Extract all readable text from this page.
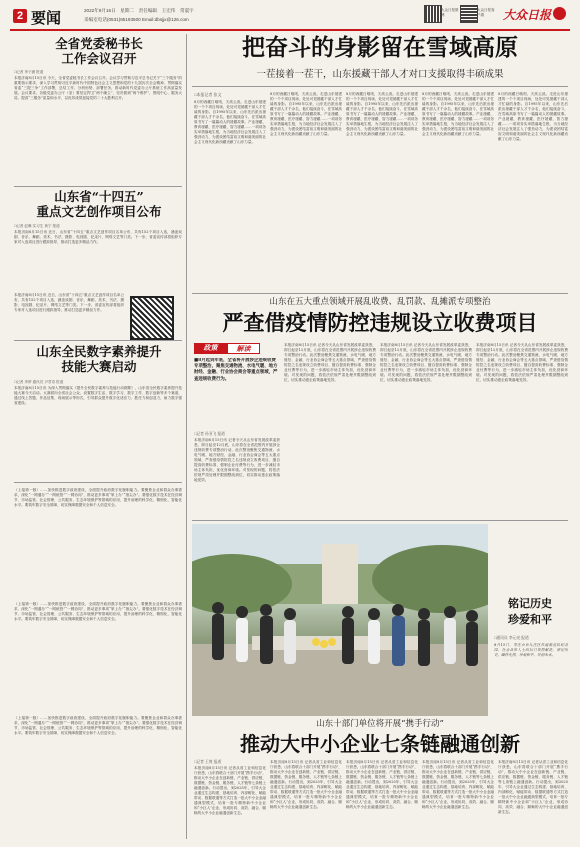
2 要闻	2022年8月16日　星期二　责任编辑　王宏伟　常震宇
采编室电话(0531)85193500 Email:dbsjjx@126.com
大众日报微博
大众日报客户端	大众日报
全省党委秘书长
工作会议召开
□记者 李子涵 报道
本报济南8月15日讯 今天，全省党委秘书长工作会议召开。会议学习贯彻习近平总书记关于“三个服务”的重要指示要求，深入学习贯彻习近平新时代中国特色社会主义思想和党的十九届历次全会精神，贯彻落实省委“三提三争”工作部署，总结工作、分析形势、部署任务，推动新时代党委办公厅系统工作高质量发展。会议要求，各级党委办公厅（室）要坚定捍卫“两个确立”、坚决做到“两个维护”，围绕中心、服务大局，提高“三服务”质量和水平，以优异成绩迎接党的二十大胜利召开。
山东省“十四五”
重点文艺创作项目公布
□记者 赵琳 实习生 黄宁 报道
本报济南8月15日讯 近日，山东省“十四五”重点文艺创作项目名单公布，共有152个项目入选，涵盖戏剧、音乐、舞蹈、美术、书法、摄影、电视剧、纪录片、网络文艺等门类。下一步，省委宣传部将组织专家对入选项目进行跟踪指导，推动打造更多精品力作。
本报济南8月15日讯 近日，山东省“十四五”重点文艺创作项目名单公布，共有152个项目入选，涵盖戏剧、音乐、舞蹈、美术、书法、摄影、电视剧、纪录片、网络文艺等门类。下一步，省委宣传部将组织专家对入选项目进行跟踪指导，推动打造更多精品力作。
山东全民数字素养提升
技能大赛启动
□记者 李梦 通讯员 尹君奇 报道
本报济南8月15日讯 为深入贯彻落实《提升全民数字素养与技能行动纲要》，山东省全民数字素养提升技能大赛今天启动。大赛面向全省社会公众，设置数字生活、数字学习、数字工作、数字创新等多个赛道，通过线上答题、作品征集、现场展示等形式，引导群众提升数字化适应力、胜任力和创造力，助力数字强省建设。
（上接第一版）……加快推进数字政府建设，全面提升政府数字化履职能力。要聚焦企业和群众办事需求，深化“一网通办”“一网统管”“一网协同”，推动更多事项“掌上办”“指尖办”。要强化数字技术在经济调节、市场监管、社会管理、公共服务、生态环境保护等领域的应用，提升治理的科学化、精细化、智能化水平。要筑牢数字安全屏障，切实保障数据安全和个人信息安全。
（上接第一版）……加快推进数字政府建设，全面提升政府数字化履职能力。要聚焦企业和群众办事需求，深化“一网通办”“一网统管”“一网协同”，推动更多事项“掌上办”“指尖办”。要强化数字技术在经济调节、市场监管、社会管理、公共服务、生态环境保护等领域的应用，提升治理的科学化、精细化、智能化水平。要筑牢数字安全屏障，切实保障数据安全和个人信息安全。
（上接第一版）……加快推进数字政府建设，全面提升政府数字化履职能力。要聚焦企业和群众办事需求，深化“一网通办”“一网统管”“一网协同”，推动更多事项“掌上办”“指尖办”。要强化数字技术在经济调节、市场监管、社会管理、公共服务、生态环境保护等领域的应用，提升治理的科学化、精细化、智能化水平。要筑牢数字安全屏障，切实保障数据安全和个人信息安全。
把奋斗的身影留在雪域高原
一茬接着一茬干，山东援藏干部人才对口支援取得丰硕成果
□本报记者 张文
8月的西藏日喀则，天高云淡。走进山东援建的一个个项目现场，处处可见援藏干部人才忙碌的身影。自1995年以来，山东先后派出援藏干部人才千余名，他们接续奋斗，在雪域高原书写了一篇篇动人的援藏故事。产业援藏、教育援藏、医疗援藏、智力援藏……一项项务实举措落地生根，为当地经济社会发展注入了强劲动力，为建设团结富裕文明和谐美丽的社会主义现代化新西藏贡献了山东力量。
8月的西藏日喀则，天高云淡。走进山东援建的一个个项目现场，处处可见援藏干部人才忙碌的身影。自1995年以来，山东先后派出援藏干部人才千余名，他们接续奋斗，在雪域高原书写了一篇篇动人的援藏故事。产业援藏、教育援藏、医疗援藏、智力援藏……一项项务实举措落地生根，为当地经济社会发展注入了强劲动力，为建设团结富裕文明和谐美丽的社会主义现代化新西藏贡献了山东力量。
8月的西藏日喀则，天高云淡。走进山东援建的一个个项目现场，处处可见援藏干部人才忙碌的身影。自1995年以来，山东先后派出援藏干部人才千余名，他们接续奋斗，在雪域高原书写了一篇篇动人的援藏故事。产业援藏、教育援藏、医疗援藏、智力援藏……一项项务实举措落地生根，为当地经济社会发展注入了强劲动力，为建设团结富裕文明和谐美丽的社会主义现代化新西藏贡献了山东力量。
8月的西藏日喀则，天高云淡。走进山东援建的一个个项目现场，处处可见援藏干部人才忙碌的身影。自1995年以来，山东先后派出援藏干部人才千余名，他们接续奋斗，在雪域高原书写了一篇篇动人的援藏故事。产业援藏、教育援藏、医疗援藏、智力援藏……一项项务实举措落地生根，为当地经济社会发展注入了强劲动力，为建设团结富裕文明和谐美丽的社会主义现代化新西藏贡献了山东力量。
8月的西藏日喀则，天高云淡。走进山东援建的一个个项目现场，处处可见援藏干部人才忙碌的身影。自1995年以来，山东先后派出援藏干部人才千余名，他们接续奋斗，在雪域高原书写了一篇篇动人的援藏故事。产业援藏、教育援藏、医疗援藏、智力援藏……一项项务实举措落地生根，为当地经济社会发展注入了强劲动力，为建设团结富裕文明和谐美丽的社会主义现代化新西藏贡献了山东力量。
山东在五大重点领域开展乱收费、乱罚款、乱摊派专项整治
严查借疫情防控违规设立收费项目
政策	解读
■8月起到年底，全省将开展涉企违规收费专项整治，聚焦交通物流、水电气暖、地方财经、金融、行业协会商会等重点领域，严查违规收费行为。
□记者 孙亚飞 报道
本报济南8月15日讯 记者今天从山东省发展改革委获悉，即日起至12月底，山东将在全省范围内开展涉企违规收费专项整治行动。此次整治聚焦交通物流、水电气暖、地方财经、金融、行业协会商会等五大重点领域，严查借疫情防控之名违规设立收费项目、擅自提高收费标准、强制企业付费等行为，进一步减轻市场主体负担，优化营商环境。对发现的问题，将依法依规严肃处理并限期整改到位，切实推动惠企政策落地见效。
本报济南8月15日讯 记者今天从山东省发展改革委获悉，即日起至12月底，山东将在全省范围内开展涉企违规收费专项整治行动。此次整治聚焦交通物流、水电气暖、地方财经、金融、行业协会商会等五大重点领域，严查借疫情防控之名违规设立收费项目、擅自提高收费标准、强制企业付费等行为，进一步减轻市场主体负担，优化营商环境。对发现的问题，将依法依规严肃处理并限期整改到位，切实推动惠企政策落地见效。
本报济南8月15日讯 记者今天从山东省发展改革委获悉，即日起至12月底，山东将在全省范围内开展涉企违规收费专项整治行动。此次整治聚焦交通物流、水电气暖、地方财经、金融、行业协会商会等五大重点领域，严查借疫情防控之名违规设立收费项目、擅自提高收费标准、强制企业付费等行为，进一步减轻市场主体负担，优化营商环境。对发现的问题，将依法依规严肃处理并限期整改到位，切实推动惠企政策落地见效。
本报济南8月15日讯 记者今天从山东省发展改革委获悉，即日起至12月底，山东将在全省范围内开展涉企违规收费专项整治行动。此次整治聚焦交通物流、水电气暖、地方财经、金融、行业协会商会等五大重点领域，严查借疫情防控之名违规设立收费项目、擅自提高收费标准、强制企业付费等行为，进一步减轻市场主体负担，优化营商环境。对发现的问题，将依法依规严肃处理并限期整改到位，切实推动惠企政策落地见效。
铭记历史
珍爱和平
□通讯员 李元亮 报道
8月15日，枣庄市台儿庄区铁道游击队纪念园，社会各界人士向抗日英烈献花，铭记历史、缅怀先烈，珍爱和平、开创未来。
山东十部门单位将开展“携手行动”
推动大中小企业七条链融通创新
□记者 王爽 报道
本报济南8月15日讯 记者从省工业和信息化厅获悉，山东将联合十部门开展“携手行动”，推动大中小企业在创新链、产业链、供应链、数据链、资金链、服务链、人才链等七条链上融通创新。行动提出，到2025年，引导大企业通过生态构建、基地培育、内部孵化、赋能带动、数据联通等方式打造一批大中小企业融通典型模式，培育一批专精特新中小企业和“小巨人”企业，形成协同、高效、融合、顺畅的大中小企业融通创新生态。
本报济南8月15日讯 记者从省工业和信息化厅获悉，山东将联合十部门开展“携手行动”，推动大中小企业在创新链、产业链、供应链、数据链、资金链、服务链、人才链等七条链上融通创新。行动提出，到2025年，引导大企业通过生态构建、基地培育、内部孵化、赋能带动、数据联通等方式打造一批大中小企业融通典型模式，培育一批专精特新中小企业和“小巨人”企业，形成协同、高效、融合、顺畅的大中小企业融通创新生态。
本报济南8月15日讯 记者从省工业和信息化厅获悉，山东将联合十部门开展“携手行动”，推动大中小企业在创新链、产业链、供应链、数据链、资金链、服务链、人才链等七条链上融通创新。行动提出，到2025年，引导大企业通过生态构建、基地培育、内部孵化、赋能带动、数据联通等方式打造一批大中小企业融通典型模式，培育一批专精特新中小企业和“小巨人”企业，形成协同、高效、融合、顺畅的大中小企业融通创新生态。
本报济南8月15日讯 记者从省工业和信息化厅获悉，山东将联合十部门开展“携手行动”，推动大中小企业在创新链、产业链、供应链、数据链、资金链、服务链、人才链等七条链上融通创新。行动提出，到2025年，引导大企业通过生态构建、基地培育、内部孵化、赋能带动、数据联通等方式打造一批大中小企业融通典型模式，培育一批专精特新中小企业和“小巨人”企业，形成协同、高效、融合、顺畅的大中小企业融通创新生态。
本报济南8月15日讯 记者从省工业和信息化厅获悉，山东将联合十部门开展“携手行动”，推动大中小企业在创新链、产业链、供应链、数据链、资金链、服务链、人才链等七条链上融通创新。行动提出，到2025年，引导大企业通过生态构建、基地培育、内部孵化、赋能带动、数据联通等方式打造一批大中小企业融通典型模式，培育一批专精特新中小企业和“小巨人”企业，形成协同、高效、融合、顺畅的大中小企业融通创新生态。
